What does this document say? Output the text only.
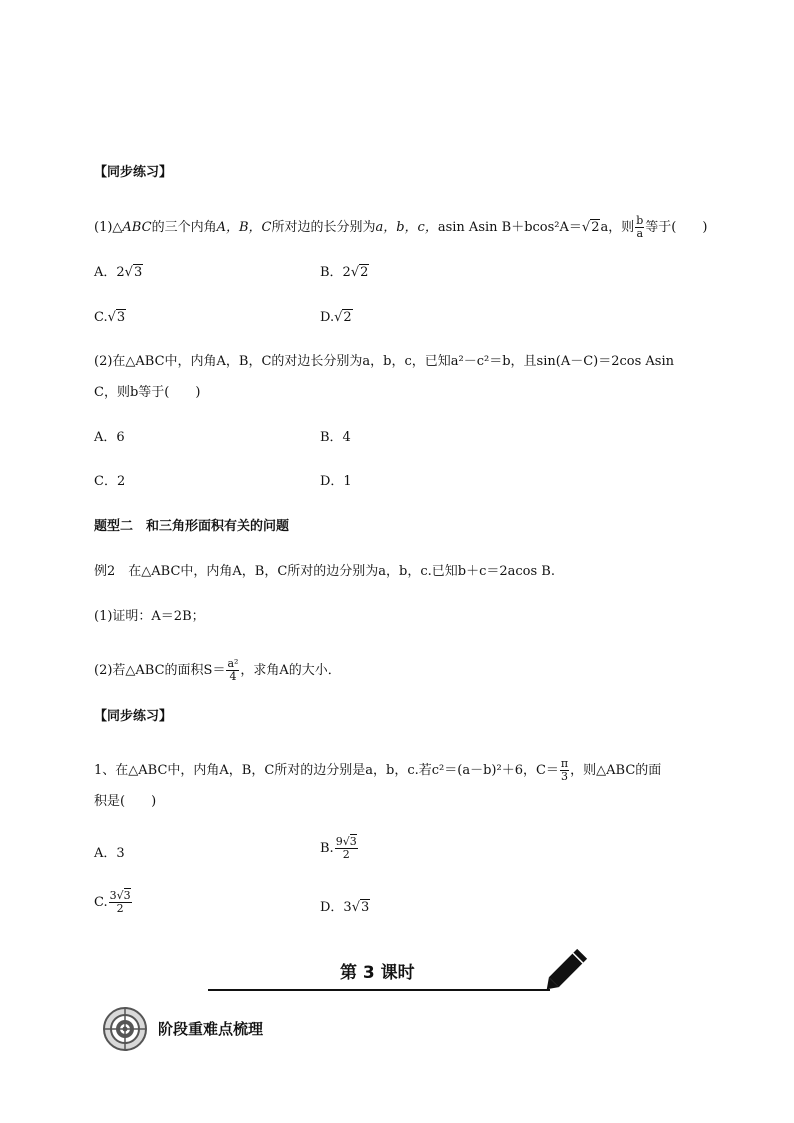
【同步练习】
(1)△ABC的三个内角A，B，C所对边的长分别为a，b，c，asin Asin B＋bcos²A＝√2a，则 $\frac{b}{a}$ 等于(　　)
A．2√3	B．2√2
C.√3	D.√2
(2)在△ABC中，内角A，B，C的对边长分别为a，b，c，已知a²－c²＝b，且sin(A－C)＝2cos Asin
C，则b等于(　　)
A．6	B．4
C．2	D．1
题型二　和三角形面积有关的问题
例2　在△ABC中，内角A，B，C所对的边分别为a，b，c.已知b＋c＝2acos B.
(1)证明：A＝2B；
(2)若△ABC的面积$S= \frac{\text{a²}}{4}$ ，求角A的大小．
【同步练习】
1、在△ABC中，内角A，B，C所对的边分别是a，b，c.若c²＝(a－b)²＋6，$C= \frac{\pi}{3}$ ，则△ABC的面
积是(　　)
A．3	B. $\frac{9√3}{2}$
C. $\frac{3√3}{2}$	D．3√3
第 3 课时
阶段重难点梳理
